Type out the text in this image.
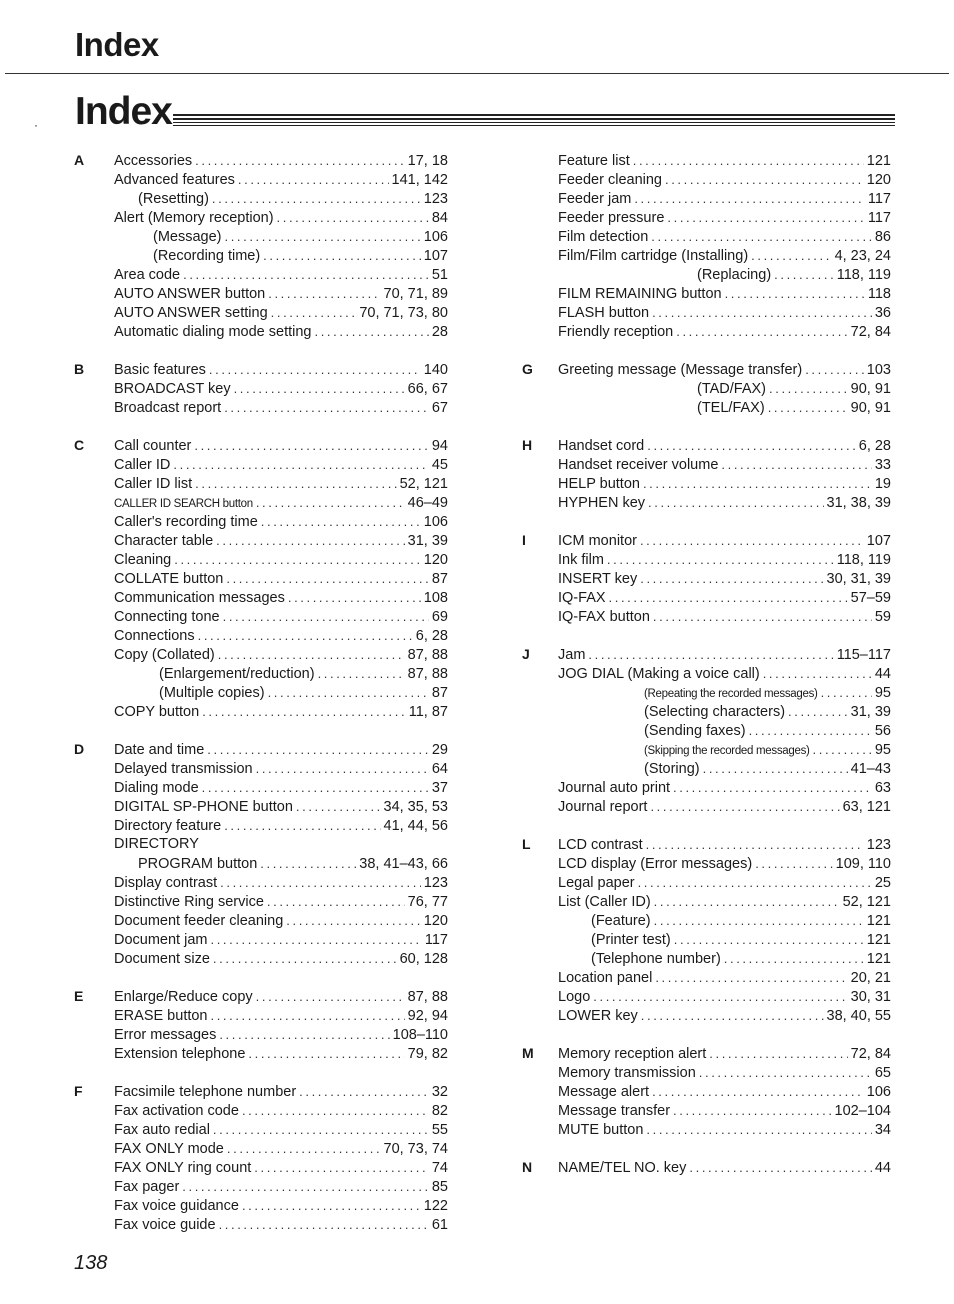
Index
Index
·
A	Accessories .....	17, 18
Advanced features .....	141, 142
(Resetting) .....	123
Alert (Memory reception) .....	84
(Message) .....	106
(Recording time) .....	107
Area code .....	51
AUTO ANSWER button .....	70, 71, 89
AUTO ANSWER setting .....	70, 71, 73, 80
Automatic dialing mode setting .....	28
B	Basic features .....	140
BROADCAST key .....	66, 67
Broadcast report .....	67
C	Call counter .....	94
Caller ID .....	45
Caller ID list .....	52, 121
CALLER ID SEARCH button .....	46–49
Caller's recording time .....	106
Character table .....	31, 39
Cleaning .....	120
COLLATE button .....	87
Communication messages .....	108
Connecting tone .....	69
Connections .....	6, 28
Copy (Collated) .....	87, 88
(Enlargement/reduction) .....	87, 88
(Multiple copies) .....	87
COPY button .....	11, 87
D	Date and time .....	29
Delayed transmission .....	64
Dialing mode .....	37
DIGITAL SP-PHONE button .....	34, 35, 53
Directory feature .....	41, 44, 56
DIRECTORY
PROGRAM button .....	38, 41–43, 66
Display contrast .....	123
Distinctive Ring service .....	76, 77
Document feeder cleaning .....	120
Document jam .....	117
Document size .....	60, 128
E	Enlarge/Reduce copy .....	87, 88
ERASE button .....	92, 94
Error messages .....	108–110
Extension telephone .....	79, 82
F	Facsimile telephone number .....	32
Fax activation code .....	82
Fax auto redial .....	55
FAX ONLY mode .....	70, 73, 74
FAX ONLY ring count .....	74
Fax pager .....	85
Fax voice guidance .....	122
Fax voice guide .....	61
Feature list .....	121
Feeder cleaning .....	120
Feeder jam .....	117
Feeder pressure .....	117
Film detection .....	86
Film/Film cartridge (Installing) .....	4, 23, 24
(Replacing) .....	118, 119
FILM REMAINING button .....	118
FLASH button .....	36
Friendly reception .....	72, 84
G	Greeting message (Message transfer) .....	103
(TAD/FAX) .....	90, 91
(TEL/FAX) .....	90, 91
H	Handset cord .....	6, 28
Handset receiver volume .....	33
HELP button .....	19
HYPHEN key .....	31, 38, 39
I	ICM monitor .....	107
Ink film .....	118, 119
INSERT key .....	30, 31, 39
IQ-FAX .....	57–59
IQ-FAX button .....	59
J	Jam .....	115–117
JOG DIAL (Making a voice call) .....	44
(Repeating the recorded messages) .....	95
(Selecting characters) .....	31, 39
(Sending faxes) .....	56
(Skipping the recorded messages) .....	95
(Storing) .....	41–43
Journal auto print .....	63
Journal report .....	63, 121
L	LCD contrast .....	123
LCD display (Error messages) .....	109, 110
Legal paper .....	25
List (Caller ID) .....	52, 121
(Feature) .....	121
(Printer test) .....	121
(Telephone number) .....	121
Location panel .....	20, 21
Logo .....	30, 31
LOWER key .....	38, 40, 55
M	Memory reception alert .....	72, 84
Memory transmission .....	65
Message alert .....	106
Message transfer .....	102–104
MUTE button .....	34
N	NAME/TEL NO. key .....	44
138
